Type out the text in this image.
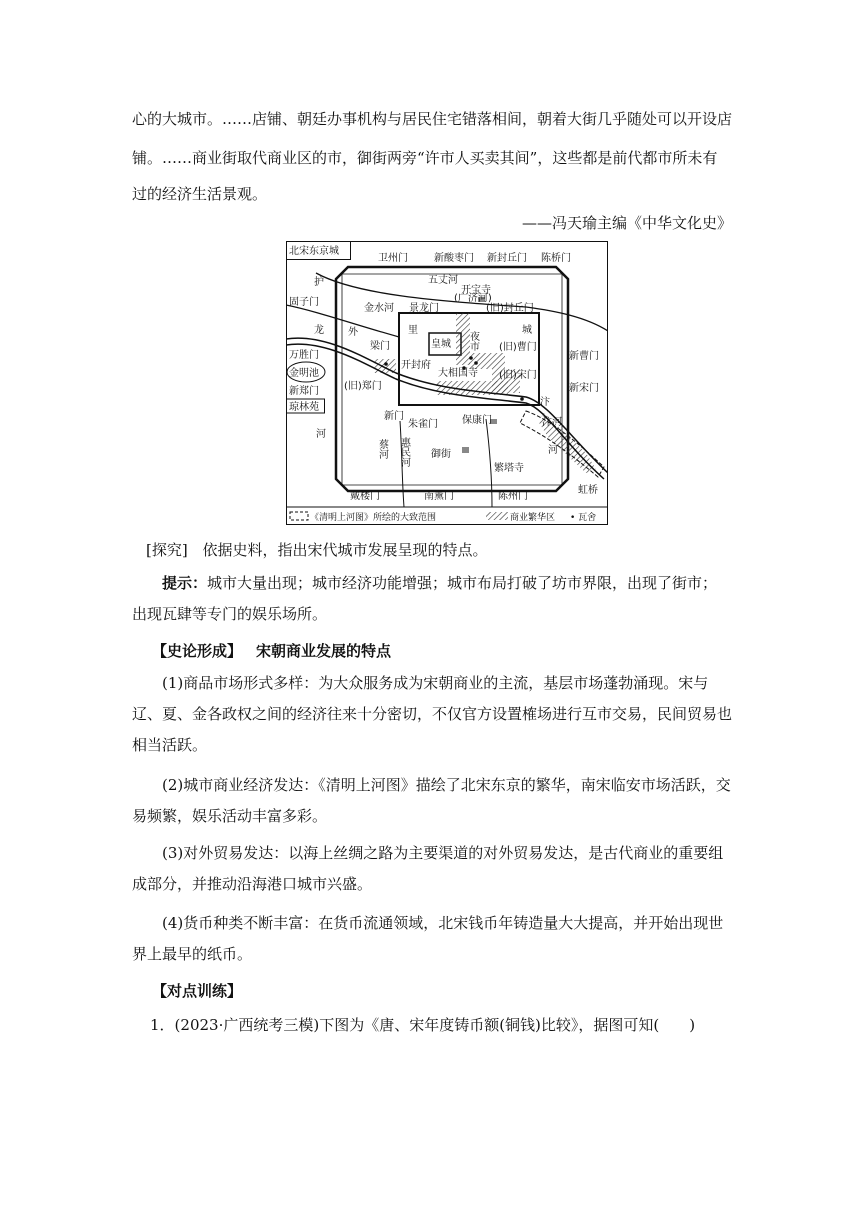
心的大城市。……店铺、朝廷办事机构与居民住宅错落相间，朝着大街几乎随处可以开设店

铺。……商业街取代商业区的市，御街两旁“许市人买卖其间”，这些都是前代都市所未有

过的经济生活景观。

——冯天瑜主编《中华文化史》

北宋东京城
卫州门	新酸枣门 新封丘门 陈桥门
五丈河
(广济河)
金水河
开宝寺
景龙门	(旧)封丘门
皇城 夜市
开封府
大相国寺
(旧)曹门
(旧)宋门
(旧)郑门
梁门
朱雀门 保康门
御街
繁塔寺
金明池
琼林苑
虹桥
固子门
万胜门
新郑门
新曹门
新宋门
戴楼门	南薰门	陈州门
汴河
汴
河
蔡河 惠民河
护
龙
河
外	里	城
新门
《清明上河图》所绘的大致范围	商业繁华区 • 瓦舍

[探究] 依据史料，指出宋代城市发展呈现的特点。

提示：城市大量出现；城市经济功能增强；城市布局打破了坊市界限，出现了街市；出现瓦肆等专门的娱乐场所。

【史论形成】 宋朝商业发展的特点

(1)商品市场形式多样：为大众服务成为宋朝商业的主流，基层市场蓬勃涌现。宋与辽、夏、金各政权之间的经济往来十分密切，不仅官方设置榷场进行互市交易，民间贸易也相当活跃。

(2)城市商业经济发达：《清明上河图》描绘了北宋东京的繁华，南宋临安市场活跃，交易频繁，娱乐活动丰富多彩。

(3)对外贸易发达：以海上丝绸之路为主要渠道的对外贸易发达，是古代商业的重要组成部分，并推动沿海港口城市兴盛。

(4)货币种类不断丰富：在货币流通领域，北宋钱币年铸造量大大提高，并开始出现世界上最早的纸币。

【对点训练】

1．(2023·广西统考三模)下图为《唐、宋年度铸币额(铜钱)比较》，据图可知(　　)
